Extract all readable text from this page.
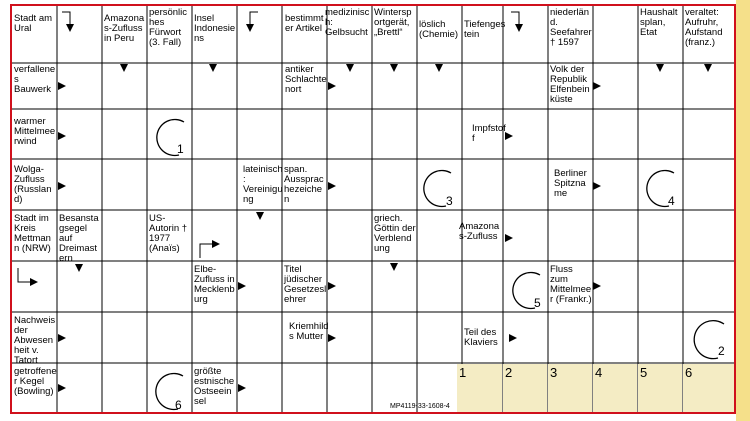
1	2	3	4	5	6
Stadt am Ural
Amazonas-Zufluss in Peru
persönliches Fürwort (3. Fall)
Insel Indonesiens
bestimmter Artikel
medizinisch: Gelbsucht
Wintersportgerät, „Brettl“
löslich (Chemie)
Tiefengestein
niederländ. Seefahrer † 1597
Haushaltsplan, Etat
veraltet: Aufruhr, Aufstand (franz.)
verfallenes Bauwerk
antiker Schlachtenort
Volk der Republik Elfenbeinküste
warmer Mittelmeerwind
Impfstoff
Wolga-Zufluss (Russland)
lateinisch: Vereinigung
span. Aussprachezeichen
Berliner Spitzname
Stadt im Kreis Mettmann (NRW)
Besanstagsegel auf Dreimastern
US-Autorin † 1977 (Anaïs)
griech. Göttin der Verblendung
Amazonas-Zufluss
Elbe-Zufluss in Mecklenburg
Titel jüdischer Gesetzeslehrer
Fluss zum Mittelmeer (Frankr.)
Nachweis der Abwesenheit v. Tatort
Kriemhilds Mutter	Teil des Klaviers
getroffener Kegel (Bowling)
größte estnische Ostseeinsel
1
2
3	4
5
6	MP4119-33-1608-4
